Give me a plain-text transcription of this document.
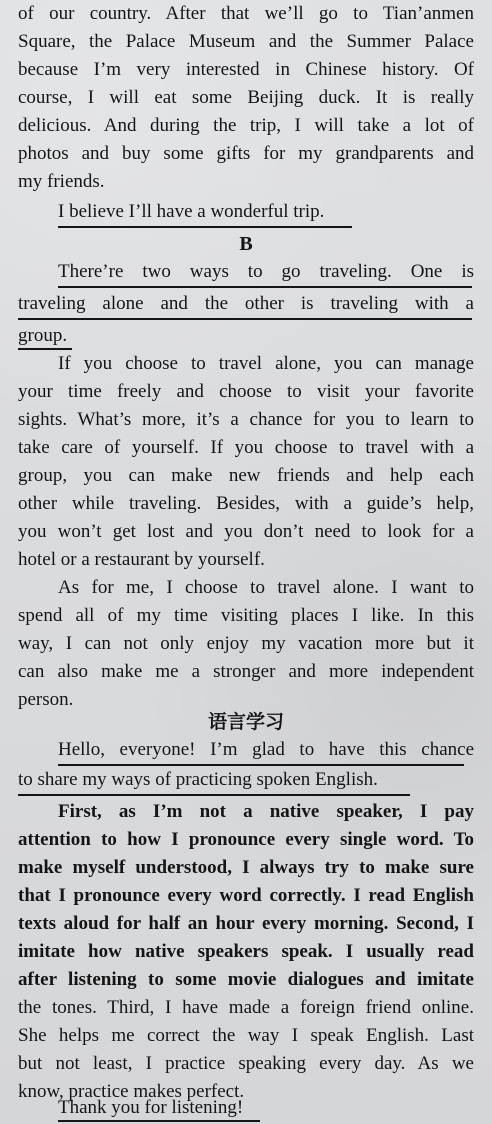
of our country. After that we’ll go to Tian’anmen
Square, the Palace Museum and the Summer Palace
because I’m very interested in Chinese history. Of
course, I will eat some Beijing duck. It is really
delicious. And during the trip, I will take a lot of
photos and buy some gifts for my grandparents and
my friends.
I believe I’ll have a wonderful trip.
B
There’re two ways to go traveling. One is
traveling alone and the other is traveling with a
group.
If you choose to travel alone, you can manage
your time freely and choose to visit your favorite
sights. What’s more, it’s a chance for you to learn to
take care of yourself. If you choose to travel with a
group, you can make new friends and help each
other while traveling. Besides, with a guide’s help,
you won’t get lost and you don’t need to look for a
hotel or a restaurant by yourself.
As for me, I choose to travel alone. I want to
spend all of my time visiting places I like. In this
way, I can not only enjoy my vacation more but it
can also make me a stronger and more independent
person.
语言学习
Hello, everyone! I’m glad to have this chance
to share my ways of practicing spoken English.
First, as I’m not a native speaker, I pay
attention to how I pronounce every single word. To
make myself understood, I always try to make sure
that I pronounce every word correctly. I read English
texts aloud for half an hour every morning. Second, I
imitate how native speakers speak. I usually read
after listening to some movie dialogues and imitate
the tones. Third, I have made a foreign friend online.
She helps me correct the way I speak English. Last
but not least, I practice speaking every day. As we
know, practice makes perfect.
Thank you for listening!
